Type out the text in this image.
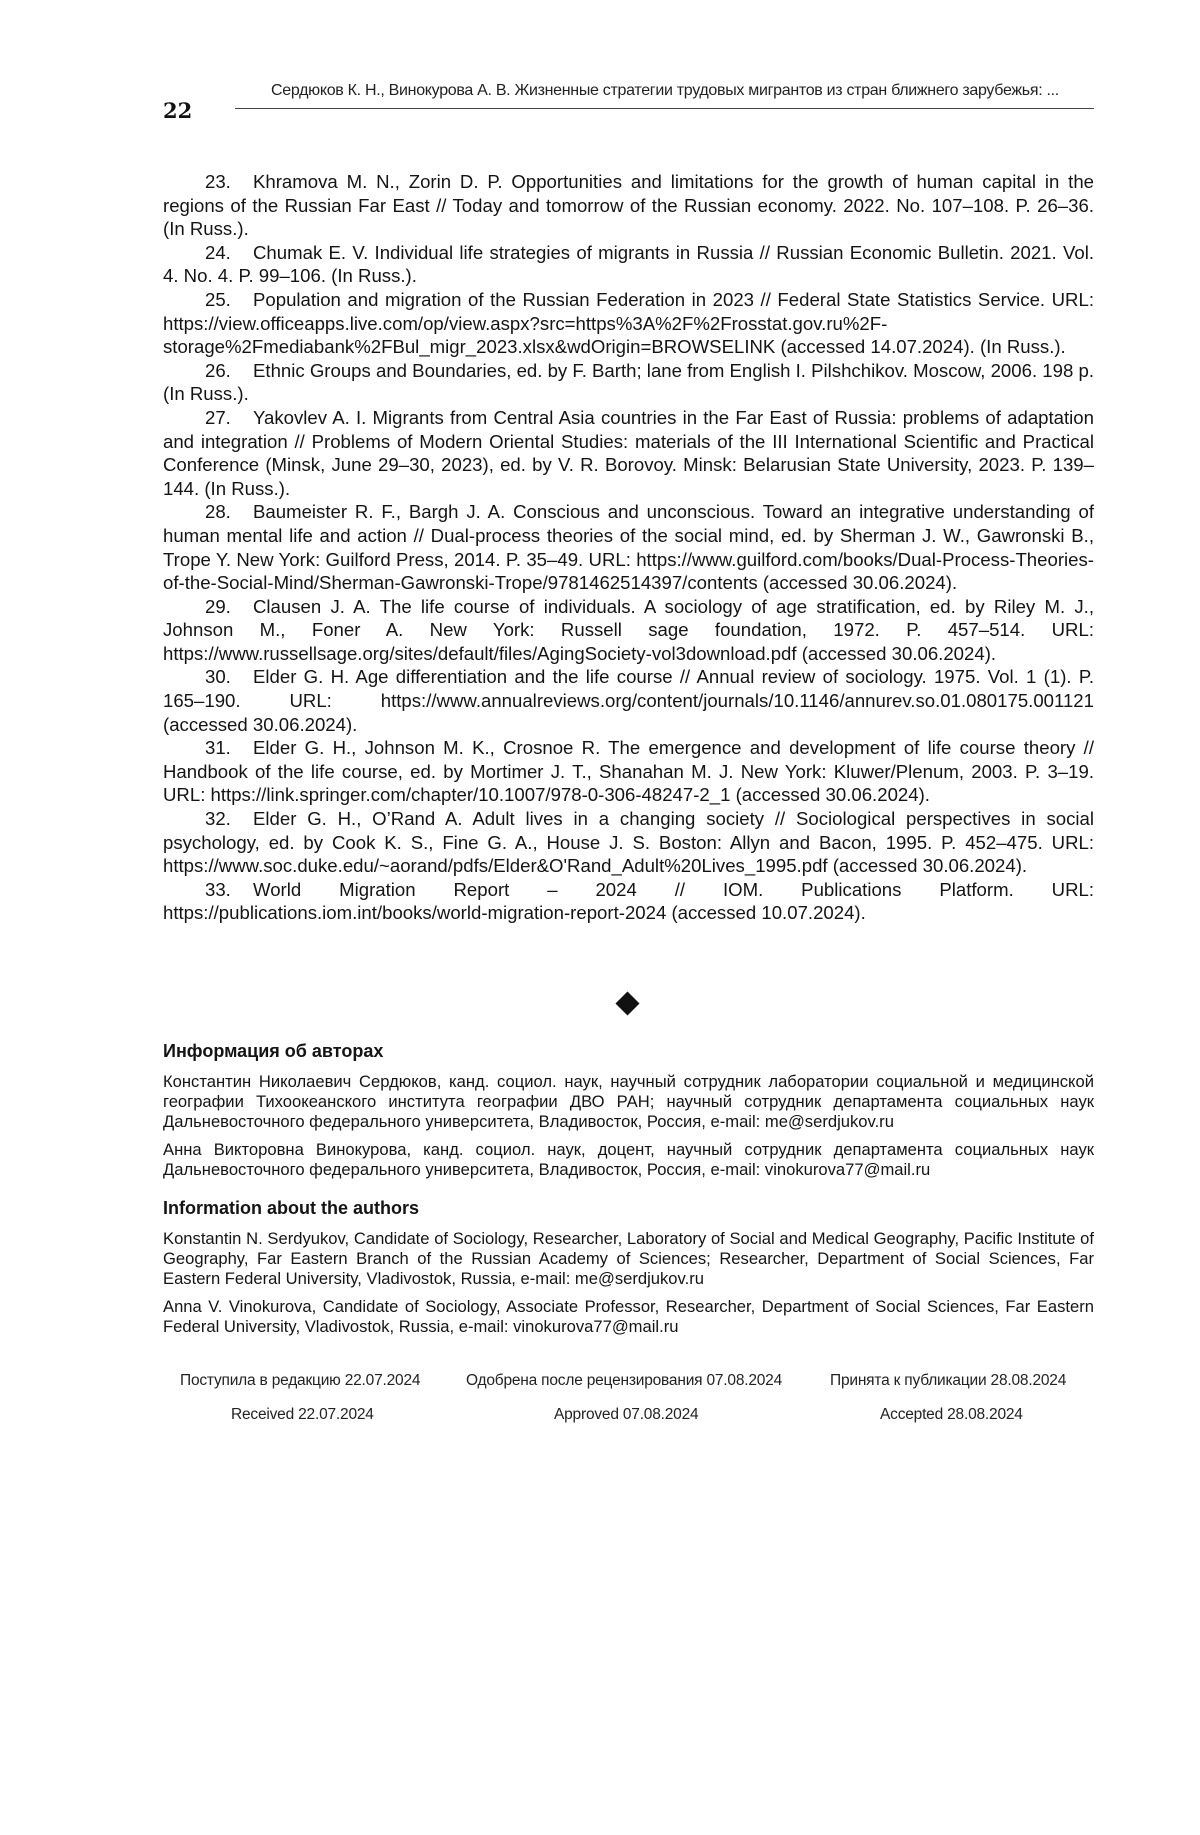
22
Сердюков К. Н., Винокурова А. В. Жизненные стратегии трудовых мигрантов из стран ближнего зарубежья: ...

23. Khramova M. N., Zorin D. P. Opportunities and limitations for the growth of human capital in the regions of the Russian Far East // Today and tomorrow of the Russian economy. 2022. No. 107–108. P. 26–36. (In Russ.).

24. Chumak E. V. Individual life strategies of migrants in Russia // Russian Economic Bulletin. 2021. Vol. 4. No. 4. P. 99–106. (In Russ.).

25. Population and migration of the Russian Federation in 2023 // Federal State Statistics Service. URL: https://view.officeapps.live.com/op/view.aspx?src=https%3A%2F%2Frosstat.gov.ru%2F-storage%2Fmediabank%2FBul_migr_2023.xlsx&wdOrigin=BROWSELINK (accessed 14.07.2024). (In Russ.).

26. Ethnic Groups and Boundaries, ed. by F. Barth; lane from English I. Pilshchikov. Moscow, 2006. 198 p. (In Russ.).

27. Yakovlev A. I. Migrants from Central Asia countries in the Far East of Russia: problems of adaptation and integration // Problems of Modern Oriental Studies: materials of the III International Scientific and Practical Conference (Minsk, June 29–30, 2023), ed. by V. R. Borovoy. Minsk: Belarusian State University, 2023. P. 139–144. (In Russ.).

28. Baumeister R. F., Bargh J. A. Conscious and unconscious. Toward an integrative understanding of human mental life and action // Dual-process theories of the social mind, ed. by Sherman J. W., Gawronski B., Trope Y. New York: Guilford Press, 2014. P. 35–49. URL: https://www.guilford.com/books/Dual-Process-Theories-of-the-Social-Mind/Sherman-Gawronski-Trope/9781462514397/contents (accessed 30.06.2024).

29. Clausen J. A. The life course of individuals. A sociology of age stratification, ed. by Riley M. J., Johnson M., Foner A. New York: Russell sage foundation, 1972. P. 457–514. URL: https://www.russellsage.org/sites/default/files/AgingSociety-vol3download.pdf (accessed 30.06.2024).

30. Elder G. H. Age differentiation and the life course // Annual review of sociology. 1975. Vol. 1 (1). P. 165–190. URL: https://www.annualreviews.org/content/journals/10.1146/annurev.so.01.080175.001121 (accessed 30.06.2024).

31. Elder G. H., Johnson M. K., Crosnoe R. The emergence and development of life course theory // Handbook of the life course, ed. by Mortimer J. T., Shanahan M. J. New York: Kluwer/Plenum, 2003. P. 3–19. URL: https://link.springer.com/chapter/10.1007/978-0-306-48247-2_1 (accessed 30.06.2024).

32. Elder G. H., O’Rand A. Adult lives in a changing society // Sociological perspectives in social psychology, ed. by Cook K. S., Fine G. A., House J. S. Boston: Allyn and Bacon, 1995. P. 452–475. URL: https://www.soc.duke.edu/~aorand/pdfs/Elder&O'Rand_Adult%20Lives_1995.pdf (accessed 30.06.2024).

33. World Migration Report – 2024 // IOM. Publications Platform. URL: https://publications.iom.int/books/world-migration-report-2024 (accessed 10.07.2024).

Информация об авторах

Константин Николаевич Сердюков, канд. социол. наук, научный сотрудник лаборатории социальной и медицинской географии Тихоокеанского института географии ДВО РАН; научный сотрудник департамента социальных наук Дальневосточного федерального университета, Владивосток, Россия, e-mail: me@serdjukov.ru

Анна Викторовна Винокурова, канд. социол. наук, доцент, научный сотрудник департамента социальных наук Дальневосточного федерального университета, Владивосток, Россия, e-mail: vinokurova77@mail.ru

Information about the authors

Konstantin N. Serdyukov, Candidate of Sociology, Researcher, Laboratory of Social and Medical Geography, Pacific Institute of Geography, Far Eastern Branch of the Russian Academy of Sciences; Researcher, Department of Social Sciences, Far Eastern Federal University, Vladivostok, Russia, e-mail: me@serdjukov.ru

Anna V. Vinokurova, Candidate of Sociology, Associate Professor, Researcher, Department of Social Sciences, Far Eastern Federal University, Vladivostok, Russia, e-mail: vinokurova77@mail.ru

Поступила в редакцию 22.07.2024	Одобрена после рецензирования 07.08.2024	Принята к публикации 28.08.2024
Received 22.07.2024	Approved 07.08.2024	Accepted 28.08.2024
